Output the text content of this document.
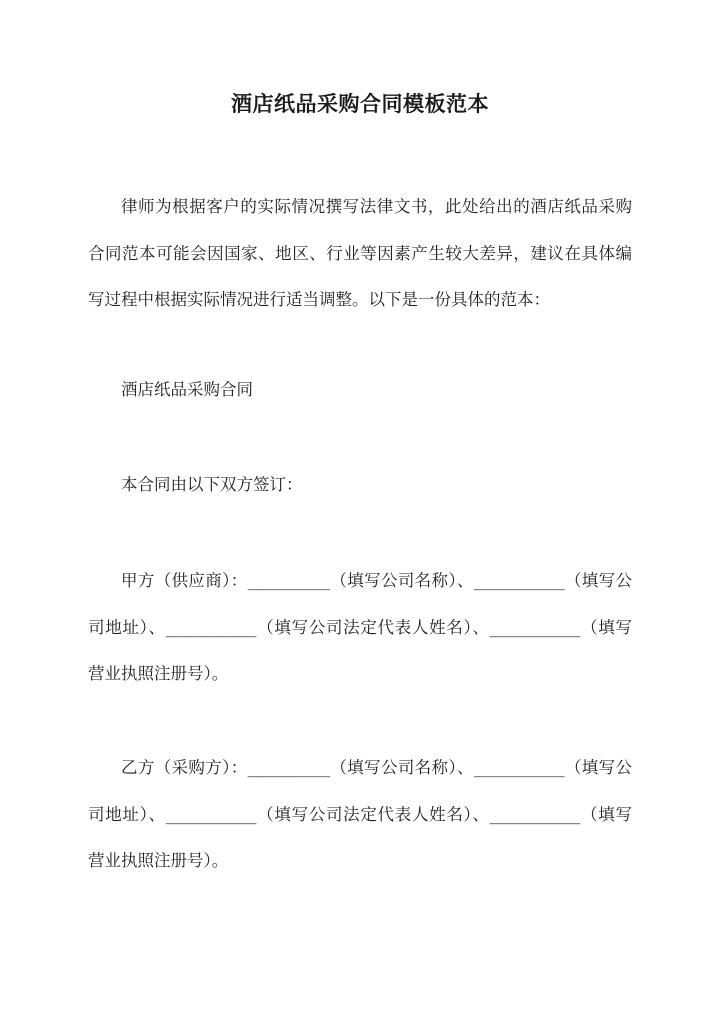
酒店纸品采购合同模板范本

律师为根据客户的实际情况撰写法律文书，此处给出的酒店纸品采购合同范本可能会因国家、地区、行业等因素产生较大差异，建议在具体编写过程中根据实际情况进行适当调整。以下是一份具体的范本：

酒店纸品采购合同

本合同由以下双方签订：

甲方（供应商）：__________（填写公司名称）、___________（填写公司地址）、___________（填写公司法定代表人姓名）、___________（填写营业执照注册号）。

乙方（采购方）：__________（填写公司名称）、___________（填写公司地址）、___________（填写公司法定代表人姓名）、___________（填写营业执照注册号）。
